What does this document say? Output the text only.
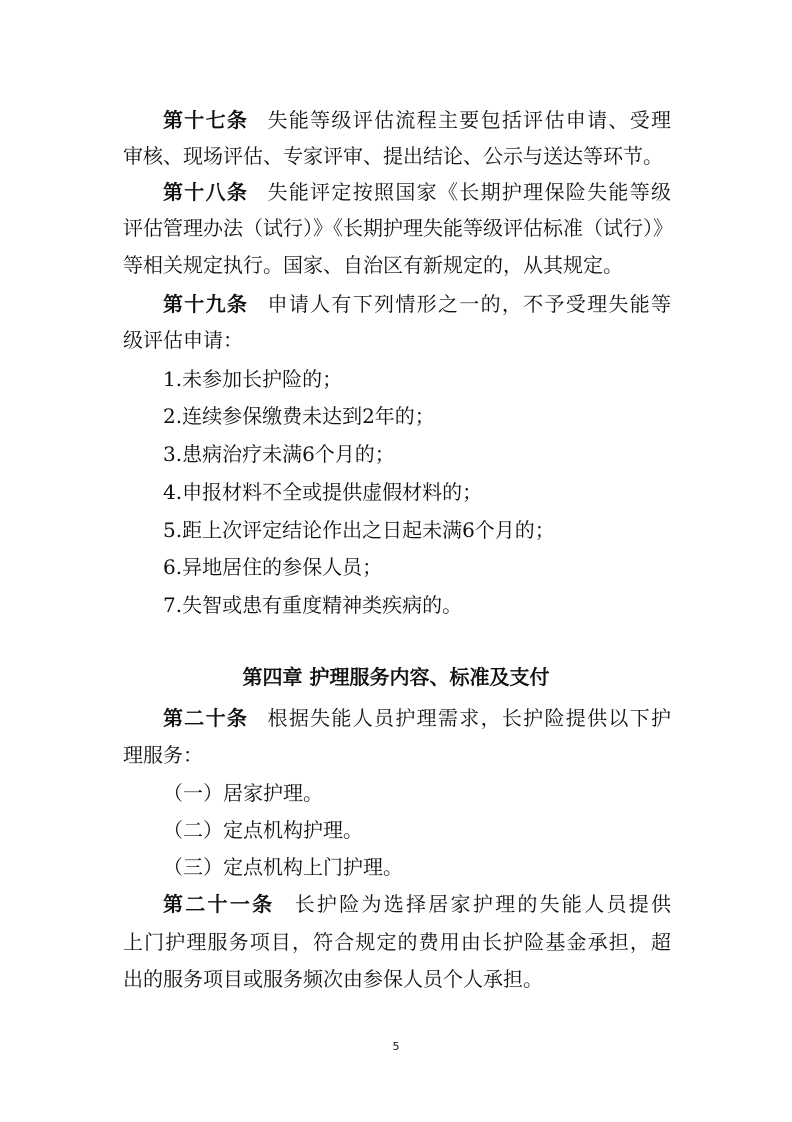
第十七条 失能等级评估流程主要包括评估申请、受理
审核、现场评估、专家评审、提出结论、公示与送达等环节。
第十八条 失能评定按照国家《长期护理保险失能等级
评估管理办法（试行）》《长期护理失能等级评估标准（试行）》
等相关规定执行。国家、自治区有新规定的，从其规定。
第十九条 申请人有下列情形之一的，不予受理失能等
级评估申请：
1.未参加长护险的；
2.连续参保缴费未达到2年的；
3.患病治疗未满6个月的；
4.申报材料不全或提供虚假材料的；
5.距上次评定结论作出之日起未满6个月的；
6.异地居住的参保人员；
7.失智或患有重度精神类疾病的。
第四章 护理服务内容、标准及支付
第二十条 根据失能人员护理需求，长护险提供以下护
理服务：
（一）居家护理。
（二）定点机构护理。
（三）定点机构上门护理。
第二十一条 长护险为选择居家护理的失能人员提供
上门护理服务项目，符合规定的费用由长护险基金承担，超
出的服务项目或服务频次由参保人员个人承担。
5
